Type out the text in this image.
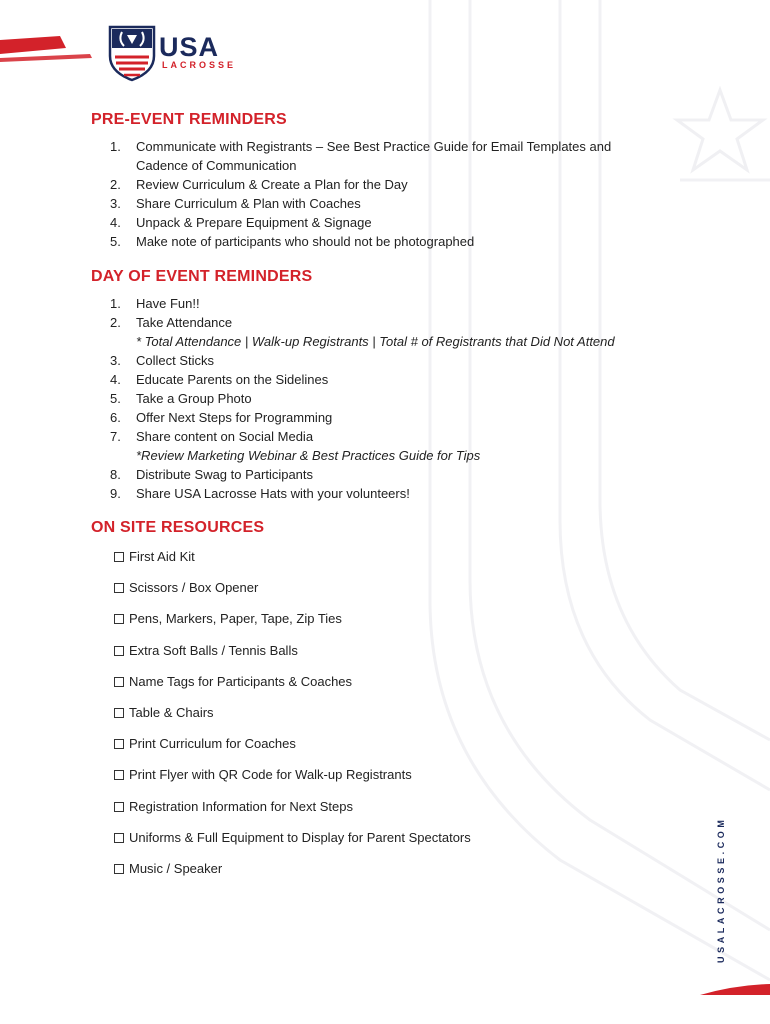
USA
LACROSSE
PRE-EVENT REMINDERS
1. Communicate with Registrants – See Best Practice Guide for Email Templates and
Cadence of Communication
2. Review Curriculum & Create a Plan for the Day
3. Share Curriculum & Plan with Coaches
4. Unpack & Prepare Equipment & Signage
5. Make note of participants who should not be photographed
DAY OF EVENT REMINDERS
1. Have Fun!!
2. Take Attendance
* Total Attendance | Walk-up Registrants | Total # of Registrants that Did Not Attend
3. Collect Sticks
4. Educate Parents on the Sidelines
5. Take a Group Photo
6. Offer Next Steps for Programming
7. Share content on Social Media
*Review Marketing Webinar & Best Practices Guide for Tips
8. Distribute Swag to Participants
9. Share USA Lacrosse Hats with your volunteers!
ON SITE RESOURCES
First Aid Kit
Scissors / Box Opener
Pens, Markers, Paper, Tape, Zip Ties
Extra Soft Balls / Tennis Balls
Name Tags for Participants & Coaches
Table & Chairs
Print Curriculum for Coaches
Print Flyer with QR Code for Walk-up Registrants
Registration Information for Next Steps
Uniforms & Full Equipment to Display for Parent Spectators
Music / Speaker	USALACROSSE.COM
